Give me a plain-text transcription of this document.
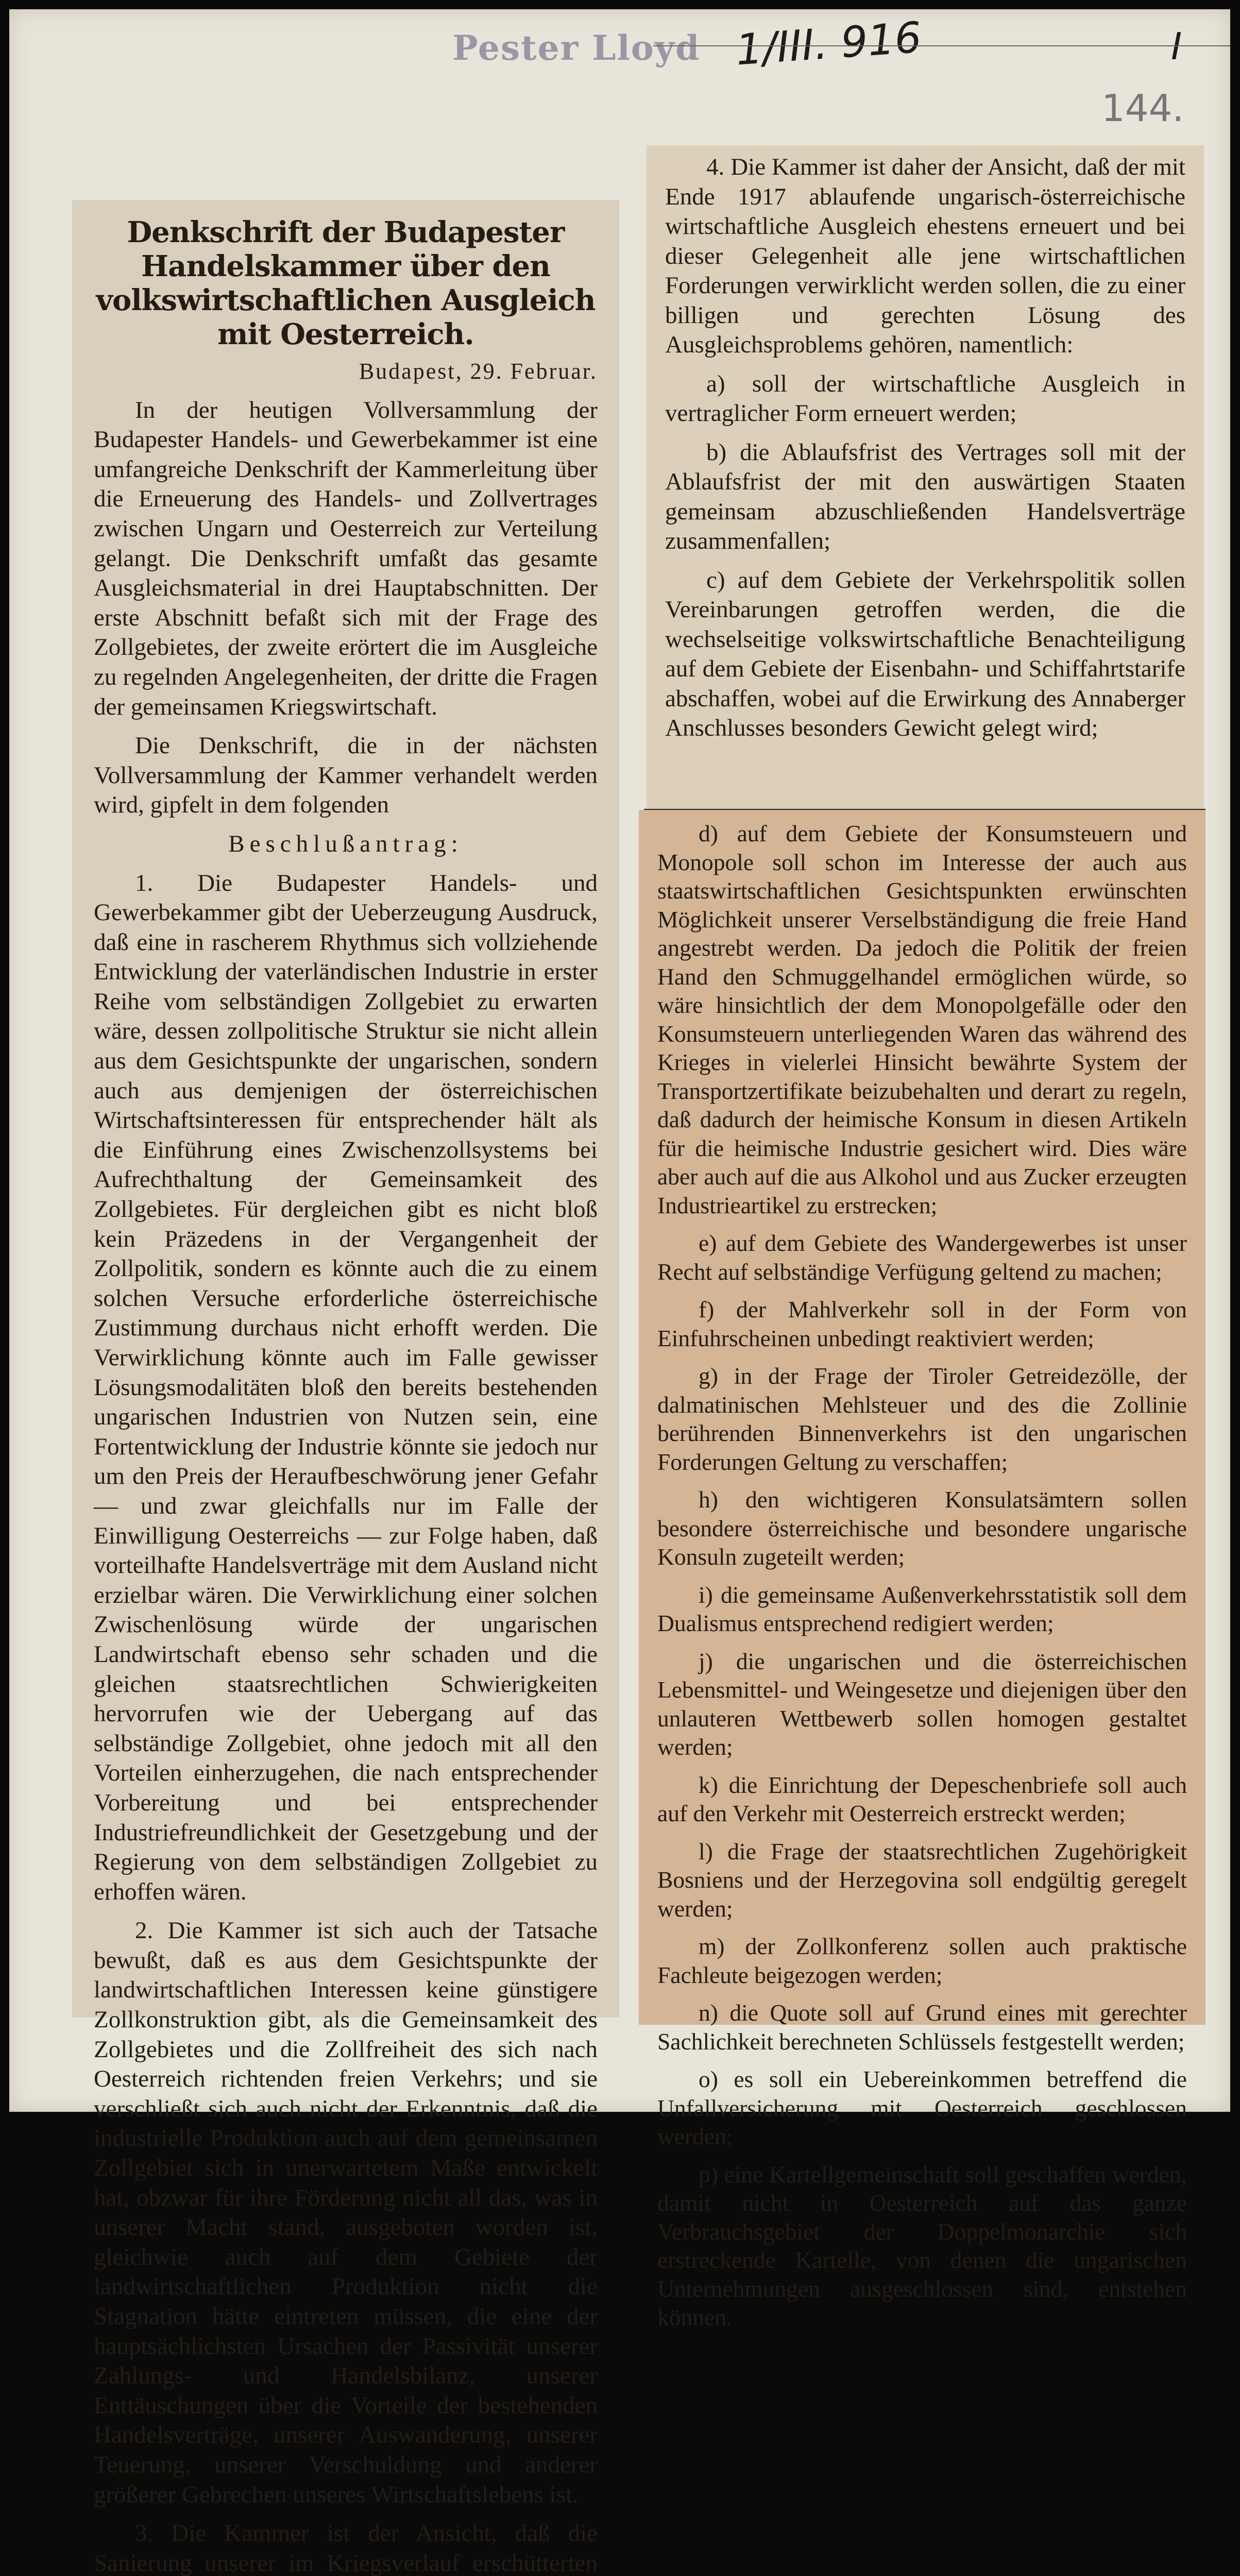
Pester Lloyd 1/III. 916	I
144.
Denkschrift der Budapester Handelskammer über den volkswirtschaftlichen Ausgleich mit Oesterreich.
Budapest, 29. Februar.

In der heutigen Vollversammlung der Budapester Handels- und Gewerbekammer ist eine umfangreiche Denkschrift der Kammerleitung über die Erneuerung des Handels- und Zollvertrages zwischen Ungarn und Oesterreich zur Verteilung gelangt. Die Denkschrift umfaßt das gesamte Ausgleichsmaterial in drei Hauptabschnitten. Der erste Abschnitt befaßt sich mit der Frage des Zollgebietes, der zweite erörtert die im Ausgleiche zu regelnden Angelegenheiten, der dritte die Fragen der gemeinsamen Kriegswirtschaft.

Die Denkschrift, die in der nächsten Vollversammlung der Kammer verhandelt werden wird, gipfelt in dem folgenden

Beschlußantrag:

1. Die Budapester Handels- und Gewerbekammer gibt der Ueberzeugung Ausdruck, daß eine in rascherem Rhythmus sich vollziehende Entwicklung der vaterländischen Industrie in erster Reihe vom selbständigen Zollgebiet zu erwarten wäre, dessen zollpolitische Struktur sie nicht allein aus dem Gesichtspunkte der ungarischen, sondern auch aus demjenigen der österreichischen Wirtschaftsinteressen für entsprechender hält als die Einführung eines Zwischenzollsystems bei Aufrechthaltung der Gemeinsamkeit des Zollgebietes. Für dergleichen gibt es nicht bloß kein Präzedens in der Vergangenheit der Zollpolitik, sondern es könnte auch die zu einem solchen Versuche erforderliche österreichische Zustimmung durchaus nicht erhofft werden. Die Verwirklichung könnte auch im Falle gewisser Lösungsmodalitäten bloß den bereits bestehenden ungarischen Industrien von Nutzen sein, eine Fortentwicklung der Industrie könnte sie jedoch nur um den Preis der Heraufbeschwörung jener Gefahr — und zwar gleichfalls nur im Falle der Einwilligung Oesterreichs — zur Folge haben, daß vorteilhafte Handelsverträge mit dem Ausland nicht erzielbar wären. Die Verwirklichung einer solchen Zwischenlösung würde der ungarischen Landwirtschaft ebenso sehr schaden und die gleichen staatsrechtlichen Schwierigkeiten hervorrufen wie der Uebergang auf das selbständige Zollgebiet, ohne jedoch mit all den Vorteilen einherzugehen, die nach entsprechender Vorbereitung und bei entsprechender Industriefreundlichkeit der Gesetzgebung und der Regierung von dem selbständigen Zollgebiet zu erhoffen wären.

2. Die Kammer ist sich auch der Tatsache bewußt, daß es aus dem Gesichtspunkte der landwirtschaftlichen Interessen keine günstigere Zollkonstruktion gibt, als die Gemeinsamkeit des Zollgebietes und die Zollfreiheit des sich nach Oesterreich richtenden freien Verkehrs; und sie verschließt sich auch nicht der Erkenntnis, daß die industrielle Produktion auch auf dem gemeinsamen Zollgebiet sich in unerwartetem Maße entwickelt hat, obzwar für ihre Förderung nicht all das, was in unserer Macht stand, ausgeboten worden ist, gleichwie auch auf dem Gebiete der landwirtschaftlichen Produktion nicht die Stagnation hätte eintreten müssen, die eine der hauptsächlichsten Ursachen der Passivität unserer Zahlungs- und Handelsbilanz, unserer Enttäuschungen über die Vorteile der bestehenden Handelsverträge, unserer Auswanderung, unserer Teuerung, unserer Verschuldung und anderer größerer Gebrechen unseres Wirtschaftslebens ist.

3. Die Kammer ist der Ansicht, daß die Sanierung unserer im Kriegsverlauf erschütterten

4. Die Kammer ist daher der Ansicht, daß der mit Ende 1917 ablaufende ungarisch-österreichische wirtschaftliche Ausgleich ehestens erneuert und bei dieser Gelegenheit alle jene wirtschaftlichen Forderungen verwirklicht werden sollen, die zu einer billigen und gerechten Lösung des Ausgleichsproblems gehören, namentlich:

a) soll der wirtschaftliche Ausgleich in vertraglicher Form erneuert werden;

b) die Ablaufsfrist des Vertrages soll mit der Ablaufsfrist der mit den auswärtigen Staaten gemeinsam abzuschließenden Handelsverträge zusammenfallen;

c) auf dem Gebiete der Verkehrspolitik sollen Vereinbarungen getroffen werden, die die wechselseitige volkswirtschaftliche Benachteiligung auf dem Gebiete der Eisenbahn- und Schiffahrtstarife abschaffen, wobei auf die Erwirkung des Annaberger Anschlusses besonders Gewicht gelegt wird;

d) auf dem Gebiete der Konsumsteuern und Monopole soll schon im Interesse der auch aus staatswirtschaftlichen Gesichtspunkten erwünschten Möglichkeit unserer Verselbständigung die freie Hand angestrebt werden. Da jedoch die Politik der freien Hand den Schmuggelhandel ermöglichen würde, so wäre hinsichtlich der dem Monopolgefälle oder den Konsumsteuern unterliegenden Waren das während des Krieges in vielerlei Hinsicht bewährte System der Transportzertifikate beizubehalten und derart zu regeln, daß dadurch der heimische Konsum in diesen Artikeln für die heimische Industrie gesichert wird. Dies wäre aber auch auf die aus Alkohol und aus Zucker erzeugten Industrieartikel zu erstrecken;

e) auf dem Gebiete des Wandergewerbes ist unser Recht auf selbständige Verfügung geltend zu machen;

f) der Mahlverkehr soll in der Form von Einfuhrscheinen unbedingt reaktiviert werden;

g) in der Frage der Tiroler Getreidezölle, der dalmatinischen Mehlsteuer und des die Zollinie berührenden Binnenverkehrs ist den ungarischen Forderungen Geltung zu verschaffen;

h) den wichtigeren Konsulatsämtern sollen besondere österreichische und besondere ungarische Konsuln zugeteilt werden;

i) die gemeinsame Außenverkehrsstatistik soll dem Dualismus entsprechend redigiert werden;

j) die ungarischen und die österreichischen Lebensmittel- und Weingesetze und diejenigen über den unlauteren Wettbewerb sollen homogen gestaltet werden;

k) die Einrichtung der Depeschenbriefe soll auch auf den Verkehr mit Oesterreich erstreckt werden;

l) die Frage der staatsrechtlichen Zugehörigkeit Bosniens und der Herzegovina soll endgültig geregelt werden;

m) der Zollkonferenz sollen auch praktische Fachleute beigezogen werden;

n) die Quote soll auf Grund eines mit gerechter Sachlichkeit berechneten Schlüssels festgestellt werden;

o) es soll ein Uebereinkommen betreffend die Unfallversicherung mit Oesterreich geschlossen werden;

p) eine Kartellgemeinschaft soll geschaffen werden, damit nicht in Oesterreich auf das ganze Verbrauchsgebiet der Doppelmonarchie sich erstreckende Kartelle, von denen die ungarischen Unternehmungen ausgeschlossen sind, entstehen können.
